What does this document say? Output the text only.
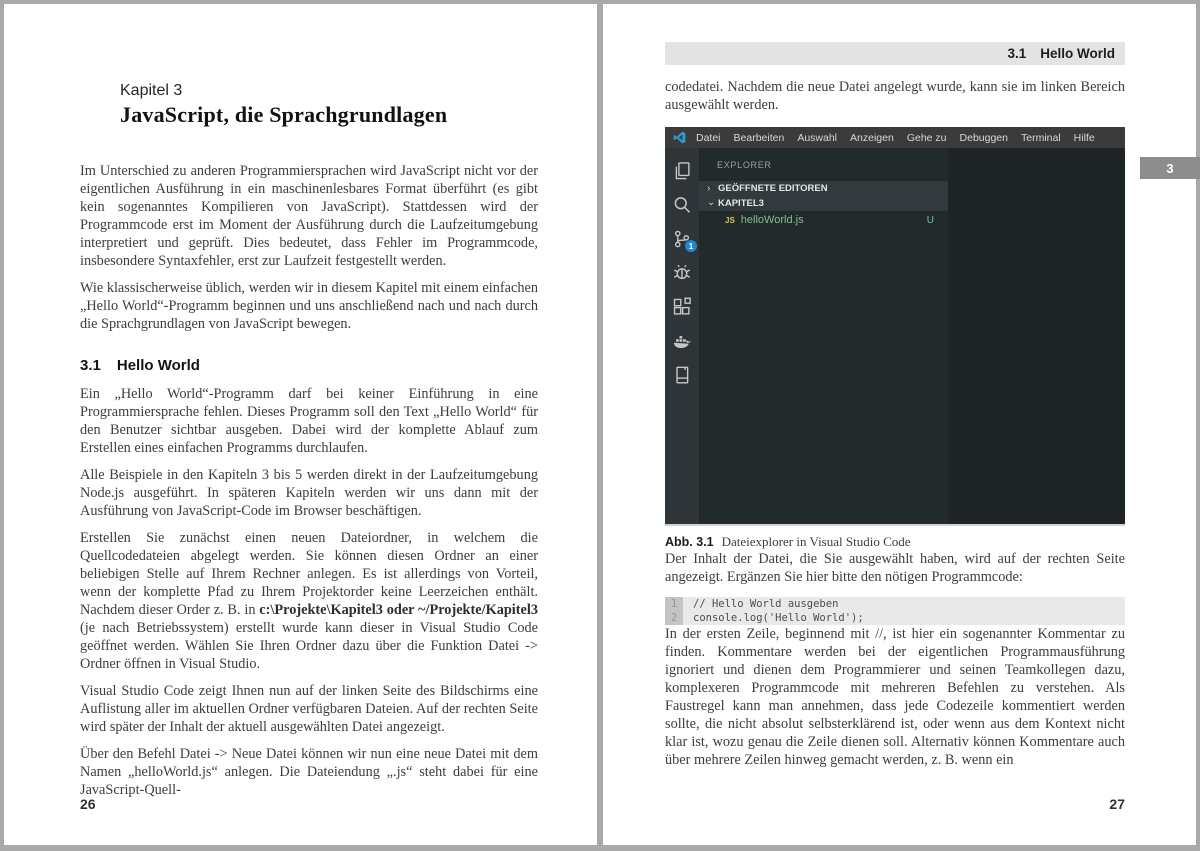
Kapitel 3
JavaScript, die Sprachgrundlagen

Im Unterschied zu anderen Programmiersprachen wird JavaScript nicht vor der eigentlichen Ausführung in ein maschinenlesbares Format überführt (es gibt kein sogenanntes Kompilieren von JavaScript). Stattdessen wird der Programmcode erst im Moment der Ausführung durch die Laufzeitumgebung interpretiert und geprüft. Dies bedeutet, dass Fehler im Programmcode, insbesondere Syntaxfehler, erst zur Laufzeit festgestellt werden.

Wie klassischerweise üblich, werden wir in diesem Kapitel mit einem einfachen „Hello World“-Programm beginnen und uns anschließend nach und nach durch die Sprachgrundlagen von JavaScript bewegen.

3.1 Hello World

Ein „Hello World“-Programm darf bei keiner Einführung in eine Programmiersprache fehlen. Dieses Programm soll den Text „Hello World“ für den Benutzer sichtbar ausgeben. Dabei wird der komplette Ablauf zum Erstellen eines einfachen Programms durchlaufen.

Alle Beispiele in den Kapiteln 3 bis 5 werden direkt in der Laufzeitumgebung Node.js ausgeführt. In späteren Kapiteln werden wir uns dann mit der Ausführung von JavaScript-Code im Browser beschäftigen.

Erstellen Sie zunächst einen neuen Dateiordner, in welchem die Quellcodedateien abgelegt werden. Sie können diesen Ordner an einer beliebigen Stelle auf Ihrem Rechner anlegen. Es ist allerdings von Vorteil, wenn der komplette Pfad zu Ihrem Projektorder keine Leerzeichen enthält. Nachdem dieser Order z. B. in c:\Projekte\Kapitel3 oder ~/Projekte/Kapitel3 (je nach Betriebssystem) erstellt wurde kann dieser in Visual Studio Code geöffnet werden. Wählen Sie Ihren Ordner dazu über die Funktion Datei -> Ordner öffnen in Visual Studio.

Visual Studio Code zeigt Ihnen nun auf der linken Seite des Bildschirms eine Auflistung aller im aktuellen Ordner verfügbaren Dateien. Auf der rechten Seite wird später der Inhalt der aktuell ausgewählten Datei angezeigt.

Über den Befehl Datei -> Neue Datei können wir nun eine neue Datei mit dem Namen „helloWorld.js“ anlegen. Die Dateiendung „.js“ steht dabei für eine JavaScript-Quell-

26
3.1 Hello World

codedatei. Nachdem die neue Datei angelegt wurde, kann sie im linken Bereich ausgewählt werden.

Datei Bearbeiten Auswahl Anzeigen Gehe zu Debuggen Terminal Hilfe
1
EXPLORER
› GEÖFFNETE EDITOREN
⌄ KAPITEL3
JS helloWorld.js	U

Abb. 3.1 Dateiexplorer in Visual Studio Code

Der Inhalt der Datei, die Sie ausgewählt haben, wird auf der rechten Seite angezeigt. Ergänzen Sie hier bitte den nötigen Programmcode:

1	// Hello World ausgeben
2	console.log('Hello World');

In der ersten Zeile, beginnend mit //, ist hier ein sogenannter Kommentar zu finden. Kommentare werden bei der eigentlichen Programmausführung ignoriert und dienen dem Programmierer und seinen Teamkollegen dazu, komplexeren Programmcode mit mehreren Befehlen zu verstehen. Als Faustregel kann man annehmen, dass jede Codezeile kommentiert werden sollte, die nicht absolut selbsterklärend ist, oder wenn aus dem Kontext nicht klar ist, wozu genau die Zeile dienen soll. Alternativ können Kommentare auch über mehrere Zeilen hinweg gemacht werden, z. B. wenn ein

27
3
